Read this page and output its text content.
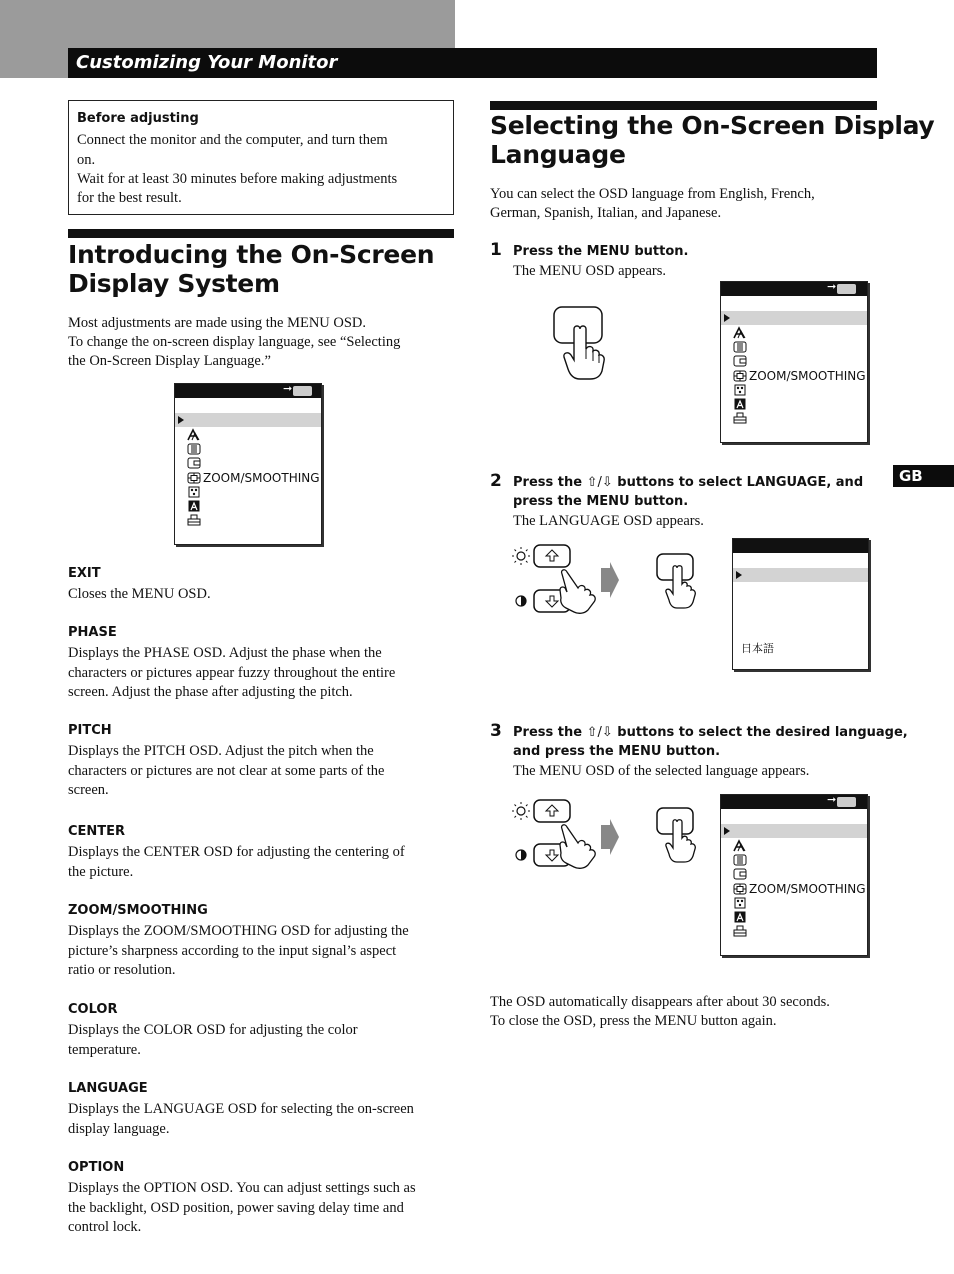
Customizing Your Monitor
GB
Before adjusting
Connect the monitor and the computer, and turn them
on.
Wait for at least 30 minutes before making adjustments
for the best result.
Introducing the On-Screen
Display System
Most adjustments are made using the MENU OSD.
To change the on-screen display language, see “Selecting
the On-Screen Display Language.”
➞
ZOOM/SMOOTHING
EXIT
Closes the MENU OSD.
PHASE
Displays the PHASE OSD. Adjust the phase when the
characters or pictures appear fuzzy throughout the entire
screen. Adjust the phase after adjusting the pitch.
PITCH
Displays the PITCH OSD. Adjust the pitch when the
characters or pictures are not clear at some parts of the
screen.
CENTER
Displays the CENTER OSD for adjusting the centering of
the picture.
ZOOM/SMOOTHING
Displays the ZOOM/SMOOTHING OSD for adjusting the
picture’s sharpness according to the input signal’s aspect
ratio or resolution.
COLOR
Displays the COLOR OSD for adjusting the color
temperature.
LANGUAGE
Displays the LANGUAGE OSD for selecting the on-screen
display language.
OPTION
Displays the OPTION OSD. You can adjust settings such as
the backlight, OSD position, power saving delay time and
control lock.
Selecting the On-Screen Display
Language
You can select the OSD language from English, French,
German, Spanish, Italian, and Japanese.
1 Press the MENU button.
The MENU OSD appears.
➞
ZOOM/SMOOTHING
2 Press the ⇧/⇩ buttons to select LANGUAGE, and
press the MENU button.
The LANGUAGE OSD appears.
日本語
3 Press the ⇧/⇩ buttons to select the desired language,
and press the MENU button.
The MENU OSD of the selected language appears.
➞
ZOOM/SMOOTHING
The OSD automatically disappears after about 30 seconds.
To close the OSD, press the MENU button again.
